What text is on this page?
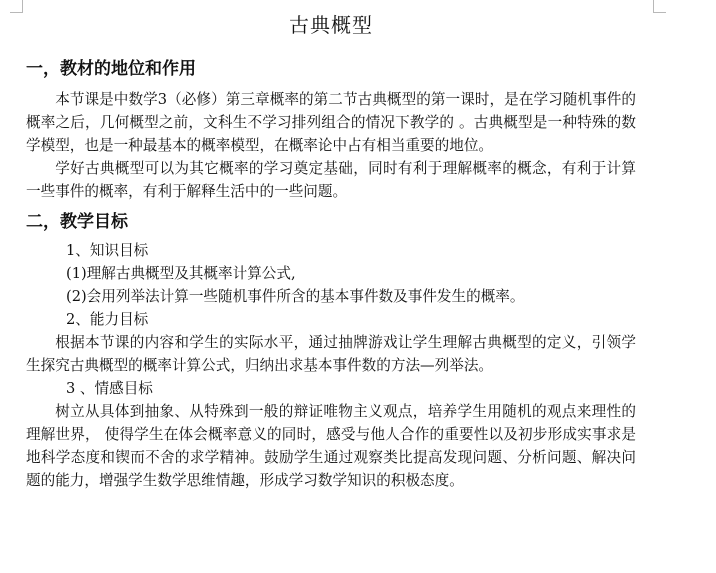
古典概型
一，教材的地位和作用

本节课是中数学3（必修）第三章概率的第二节古典概型的第一课时，是在学习随机事件的概率之后，几何概型之前，文科生不学习排列组合的情况下教学的 。古典概型是一种特殊的数学模型，也是一种最基本的概率模型，在概率论中占有相当重要的地位。

学好古典概型可以为其它概率的学习奠定基础，同时有利于理解概率的概念，有利于计算一些事件的概率，有利于解释生活中的一些问题。

二，教学目标

1、知识目标

(1)理解古典概型及其概率计算公式,

(2)会用列举法计算一些随机事件所含的基本事件数及事件发生的概率。

2、能力目标

根据本节课的内容和学生的实际水平，通过抽牌游戏让学生理解古典概型的定义，引领学生探究古典概型的概率计算公式，归纳出求基本事件数的方法—列举法。

3 、情感目标

树立从具体到抽象、从特殊到一般的辩证唯物主义观点，培养学生用随机的观点来理性的理解世界， 使得学生在体会概率意义的同时，感受与他人合作的重要性以及初步形成实事求是地科学态度和锲而不舍的求学精神。鼓励学生通过观察类比提高发现问题、分析问题、解决问题的能力，增强学生数学思维情趣，形成学习数学知识的积极态度。
